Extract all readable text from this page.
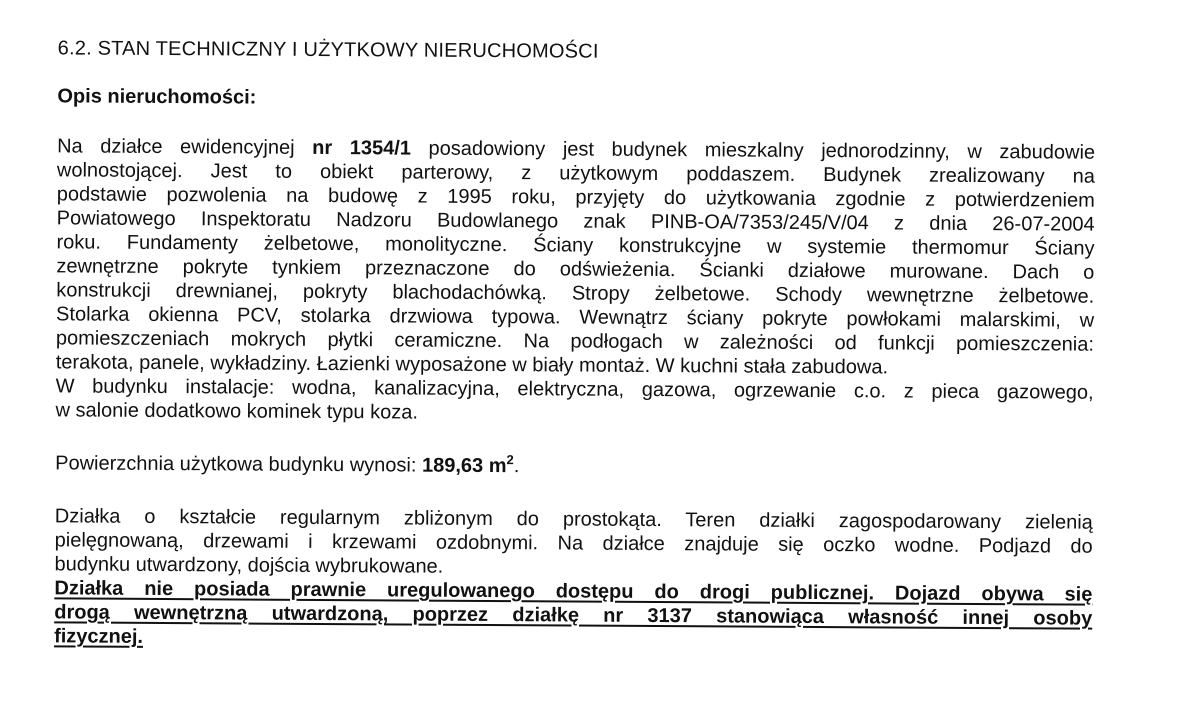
6.2. STAN TECHNICZNY I UŻYTKOWY NIERUCHOMOŚCI
Opis nieruchomości:
Na działce ewidencyjnej nr 1354/1 posadowiony jest budynek mieszkalny jednorodzinny, w zabudowie
wolnostojącej. Jest to obiekt parterowy, z użytkowym poddaszem. Budynek zrealizowany na
podstawie pozwolenia na budowę z 1995 roku, przyjęty do użytkowania zgodnie z potwierdzeniem
Powiatowego Inspektoratu Nadzoru Budowlanego znak PINB-OA/7353/245/V/04 z dnia 26-07-2004
roku. Fundamenty żelbetowe, monolityczne. Ściany konstrukcyjne w systemie thermomur Ściany
zewnętrzne pokryte tynkiem przeznaczone do odświeżenia. Ścianki działowe murowane. Dach o
konstrukcji drewnianej, pokryty blachodachówką. Stropy żelbetowe. Schody wewnętrzne żelbetowe.
Stolarka okienna PCV, stolarka drzwiowa typowa. Wewnątrz ściany pokryte powłokami malarskimi, w
pomieszczeniach mokrych płytki ceramiczne. Na podłogach w zależności od funkcji pomieszczenia:
terakota, panele, wykładziny. Łazienki wyposażone w biały montaż. W kuchni stała zabudowa.
W budynku instalacje: wodna, kanalizacyjna, elektryczna, gazowa, ogrzewanie c.o. z pieca gazowego,
w salonie dodatkowo kominek typu koza.
Powierzchnia użytkowa budynku wynosi: 189,63 $m^2$.
Działka o kształcie regularnym zbliżonym do prostokąta. Teren działki zagospodarowany zielenią
pielęgnowaną, drzewami i krzewami ozdobnymi. Na działce znajduje się oczko wodne. Podjazd do
budynku utwardzony, dojścia wybrukowane.
Działka nie posiada prawnie uregulowanego dostępu do drogi publicznej. Dojazd obywa się
drogą wewnętrzną utwardzoną, poprzez działkę nr 3137 stanowiąca własność innej osoby
fizycznej.
